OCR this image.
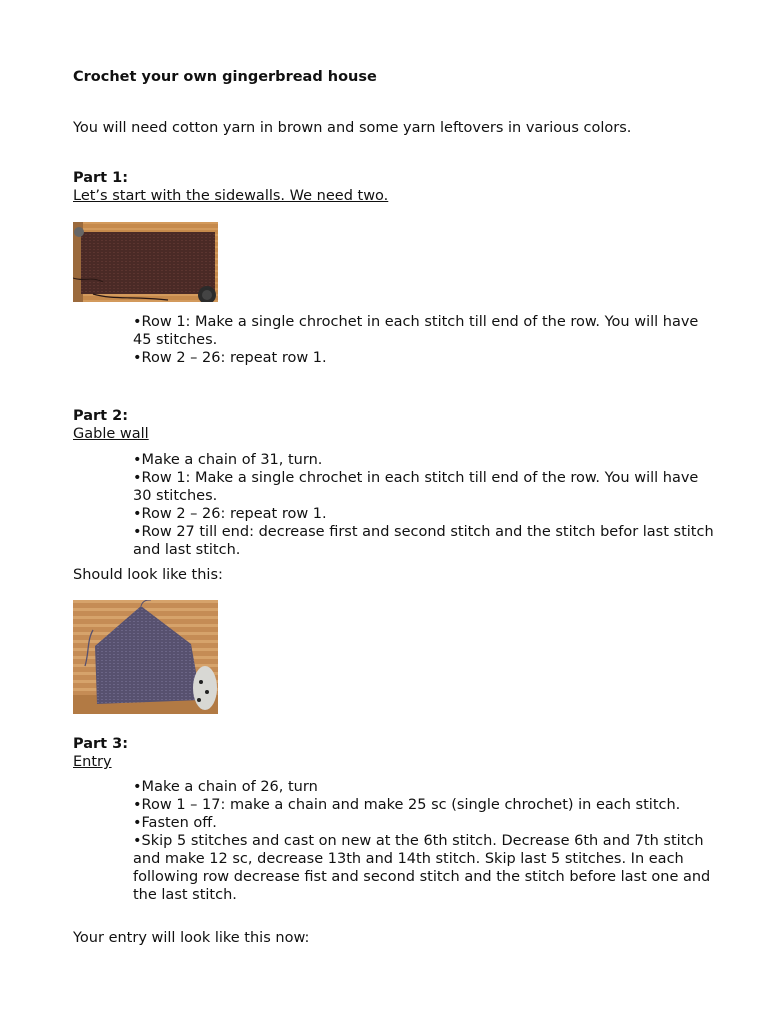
Crochet your own gingerbread house
You will need cotton yarn in brown and some yarn leftovers in various colors.
Part 1:
Let’s start with the sidewalls. We need two.
•Row 1: Make a single chrochet in each stitch till end of the row. You will have 45 stitches.
•Row 2 – 26: repeat row 1.
Part 2:
Gable wall
•Make a chain of 31, turn.
•Row 1: Make a single chrochet in each stitch till end of the row. You will have 30 stitches.
•Row 2 – 26: repeat row 1.
•Row 27 till end: decrease first and second stitch and the stitch befor last stitch and last stitch.
Should look like this:
Part 3:
Entry
•Make a chain of 26, turn
•Row 1 – 17: make a chain and make 25 sc (single chrochet) in each stitch.
•Fasten off.
•Skip 5 stitches and cast on new at the 6th stitch. Decrease 6th and 7th stitch and make 12 sc, decrease 13th and 14th stitch. Skip last 5 stitches. In each following row decrease fist and second stitch and the stitch before last one and the last stitch.
Your entry will look like this now:
